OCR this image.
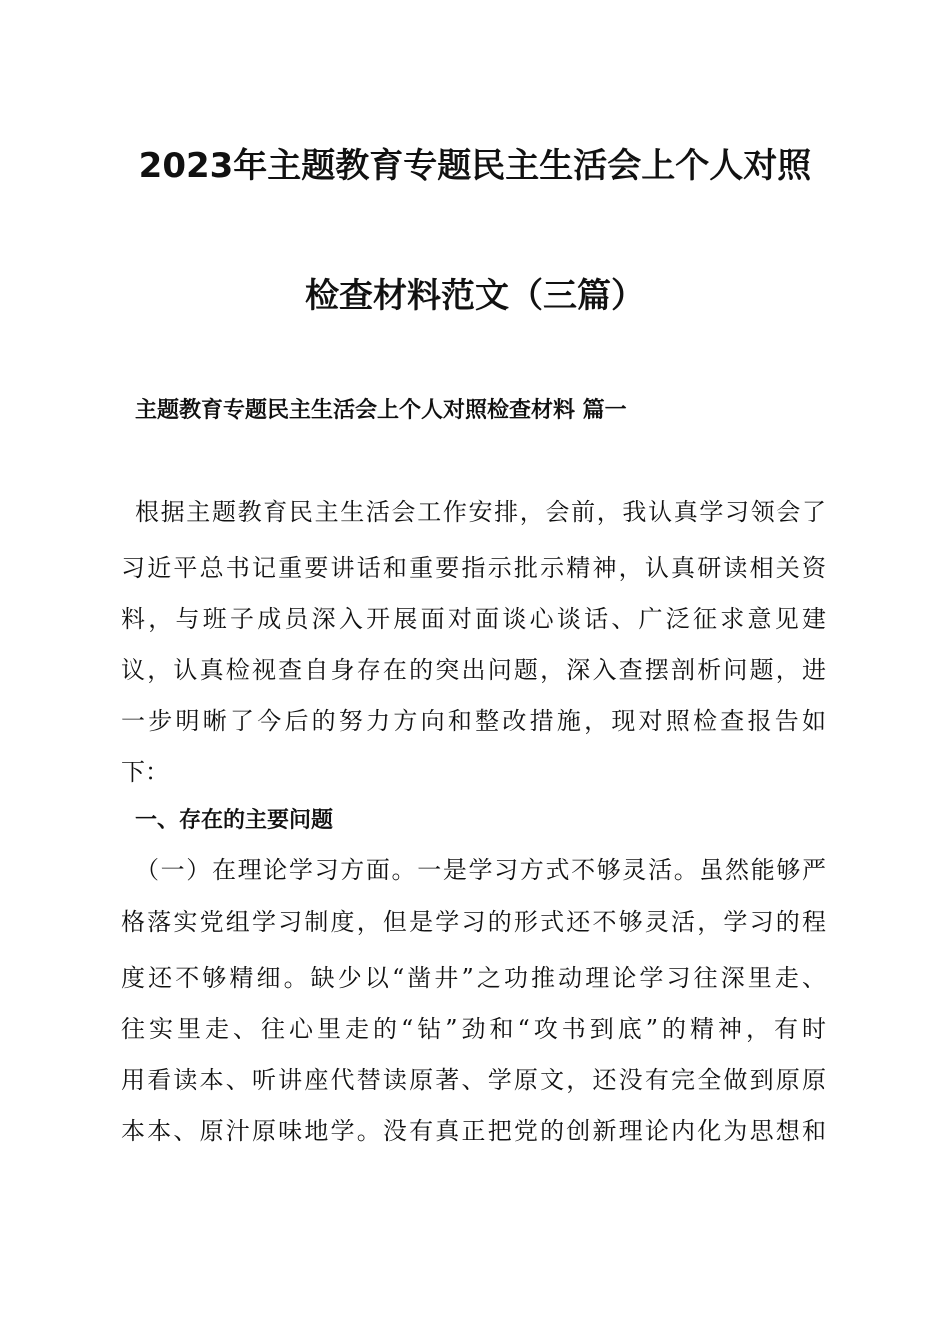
2023年主题教育专题民主生活会上个人对照
检查材料范文（三篇）
主题教育专题民主生活会上个人对照检查材料 篇一
根据主题教育民主生活会工作安排，会前，我认真学习领会了
习近平总书记重要讲话和重要指示批示精神，认真研读相关资
料，与班子成员深入开展面对面谈心谈话、广泛征求意见建
议，认真检视查自身存在的突出问题，深入查摆剖析问题，进
一步明晰了今后的努力方向和整改措施，现对照检查报告如
下：
一、存在的主要问题
（一）在理论学习方面。一是学习方式不够灵活。虽然能够严
格落实党组学习制度，但是学习的形式还不够灵活，学习的程
度还不够精细。缺少以“凿井”之功推动理论学习往深里走、
往实里走、往心里走的“钻”劲和“攻书到底”的精神，有时
用看读本、听讲座代替读原著、学原文，还没有完全做到原原
本本、原汁原味地学。没有真正把党的创新理论内化为思想和
